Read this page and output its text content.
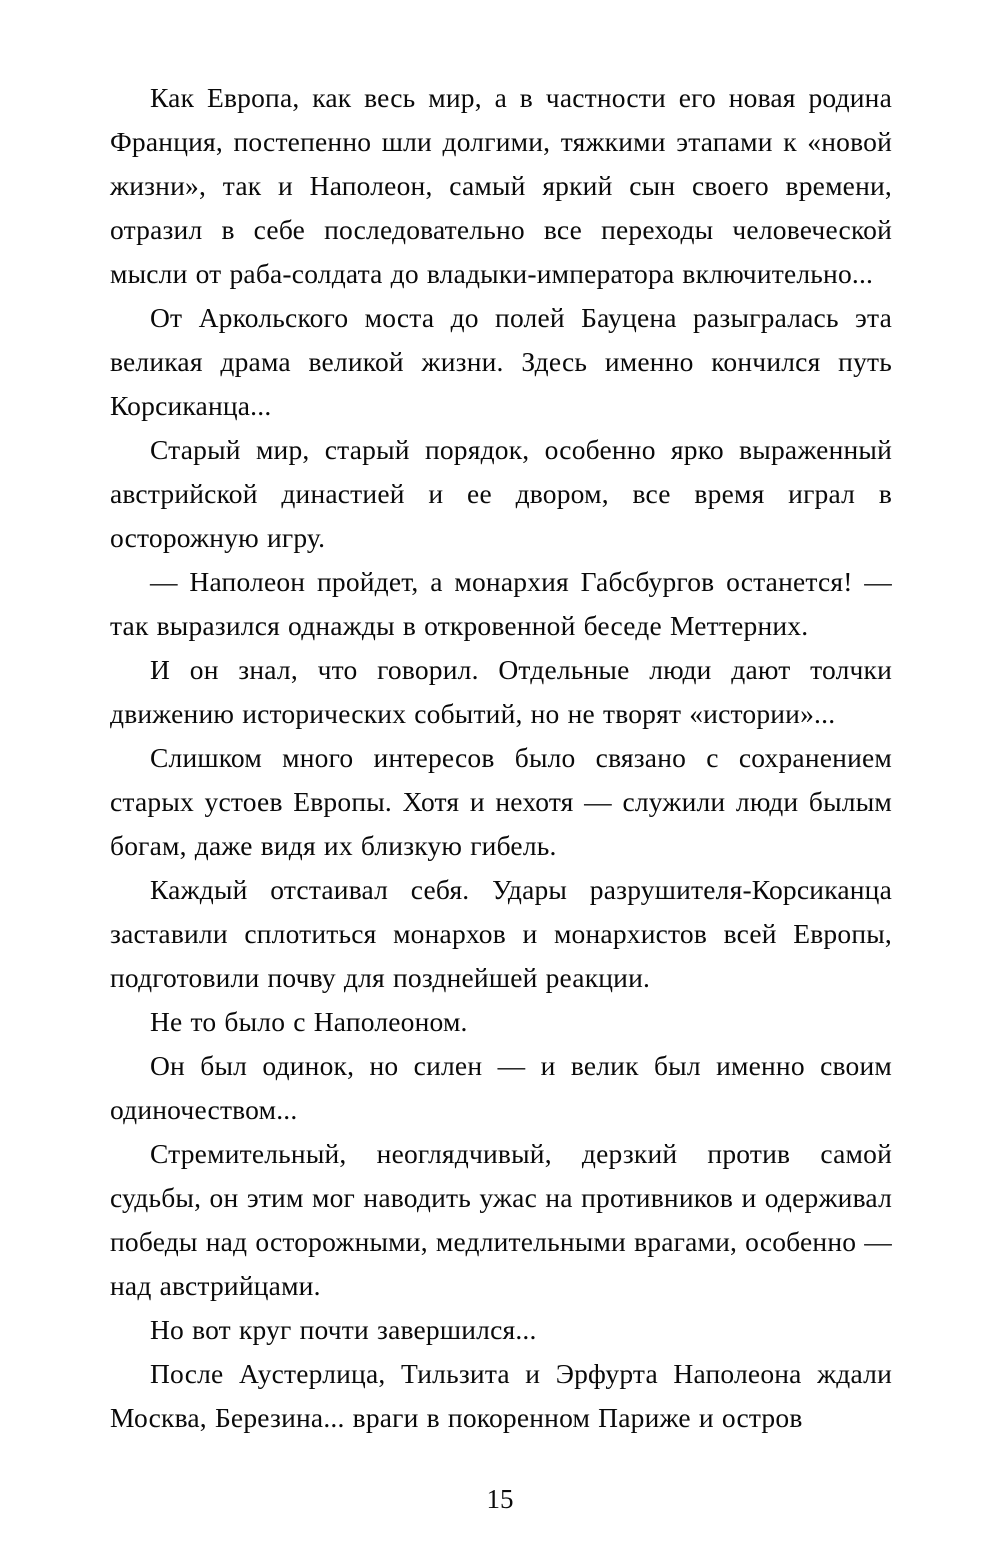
Как Европа, как весь мир, а в частности его новая родина Франция, постепенно шли долгими, тяжкими этапами к «новой жизни», так и Наполеон, самый яркий сын своего времени, отразил в себе последовательно все переходы человеческой мысли от раба-солдата до владыки-императора включительно...

От Аркольского моста до полей Бауцена разыгралась эта великая драма великой жизни. Здесь именно кончился путь Корсиканца...

Старый мир, старый порядок, особенно ярко выраженный австрийской династией и ее двором, все время играл в осторожную игру.

— Наполеон пройдет, а монархия Габсбургов останется! — так выразился однажды в откровенной беседе Меттерних.

И он знал, что говорил. Отдельные люди дают толчки движению исторических событий, но не творят «истории»...

Слишком много интересов было связано с сохранением старых устоев Европы. Хотя и нехотя — служили люди былым богам, даже видя их близкую гибель.

Каждый отстаивал себя. Удары разрушителя-Корсиканца заставили сплотиться монархов и монархистов всей Европы, подготовили почву для позднейшей реакции.

Не то было с Наполеоном.

Он был одинок, но силен — и велик был именно своим одиночеством...

Стремительный, неоглядчивый, дерзкий против самой судьбы, он этим мог наводить ужас на противников и одерживал победы над осторожными, медлительными врагами, особенно — над австрийцами.

Но вот круг почти завершился...

После Аустерлица, Тильзита и Эрфурта Наполеона ждали Москва, Березина... враги в покоренном Париже и остров

15
